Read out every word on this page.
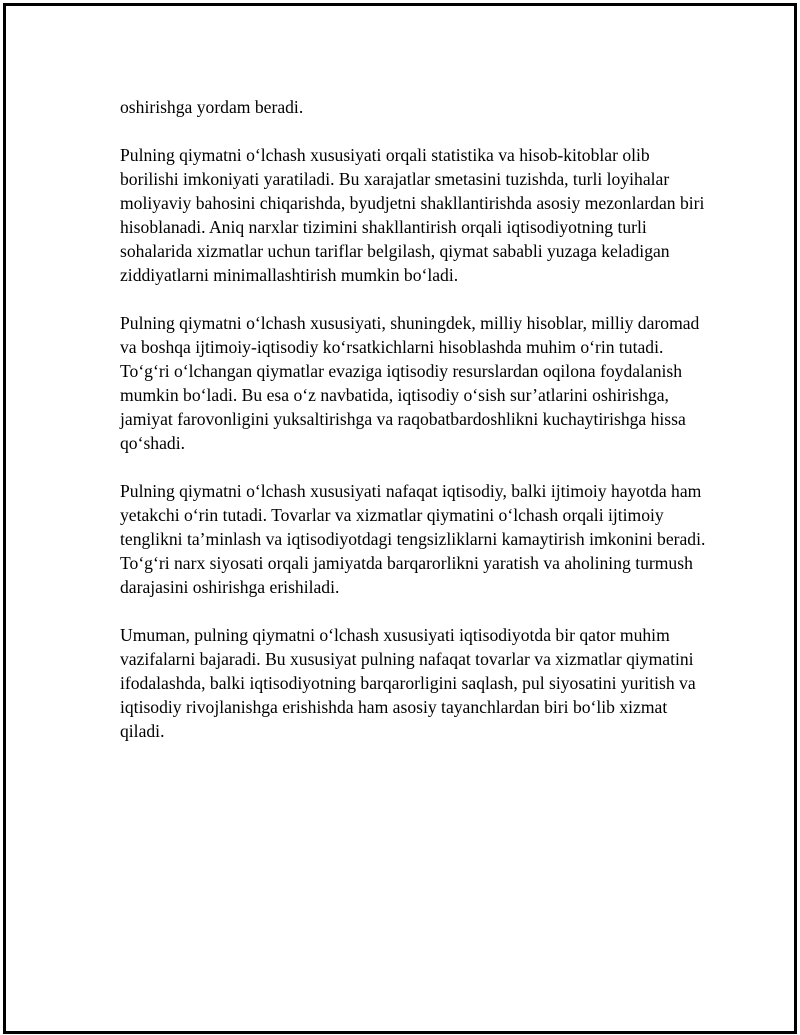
oshirishga yordam beradi.

Pulning qiymatni o‘lchash xususiyati orqali statistika va hisob-kitoblar olib borilishi imkoniyati yaratiladi. Bu xarajatlar smetasini tuzishda, turli loyihalar moliyaviy bahosini chiqarishda, byudjetni shakllantirishda asosiy mezonlardan biri hisoblanadi. Aniq narxlar tizimini shakllantirish orqali iqtisodiyotning turli sohalarida xizmatlar uchun tariflar belgilash, qiymat sababli yuzaga keladigan ziddiyatlarni minimallashtirish mumkin bo‘ladi.

Pulning qiymatni o‘lchash xususiyati, shuningdek, milliy hisoblar, milliy daromad va boshqa ijtimoiy-iqtisodiy ko‘rsatkichlarni hisoblashda muhim o‘rin tutadi. To‘g‘ri o‘lchangan qiymatlar evaziga iqtisodiy resurslardan oqilona foydalanish mumkin bo‘ladi. Bu esa o‘z navbatida, iqtisodiy o‘sish sur’atlarini oshirishga, jamiyat farovonligini yuksaltirishga va raqobatbardoshlikni kuchaytirishga hissa qo‘shadi.

Pulning qiymatni o‘lchash xususiyati nafaqat iqtisodiy, balki ijtimoiy hayotda ham yetakchi o‘rin tutadi. Tovarlar va xizmatlar qiymatini o‘lchash orqali ijtimoiy tenglikni ta’minlash va iqtisodiyotdagi tengsizliklarni kamaytirish imkonini beradi. To‘g‘ri narx siyosati orqali jamiyatda barqarorlikni yaratish va aholining turmush darajasini oshirishga erishiladi.

Umuman, pulning qiymatni o‘lchash xususiyati iqtisodiyotda bir qator muhim vazifalarni bajaradi. Bu xususiyat pulning nafaqat tovarlar va xizmatlar qiymatini ifodalashda, balki iqtisodiyotning barqarorligini saqlash, pul siyosatini yuritish va iqtisodiy rivojlanishga erishishda ham asosiy tayanchlardan biri bo‘lib xizmat qiladi.
